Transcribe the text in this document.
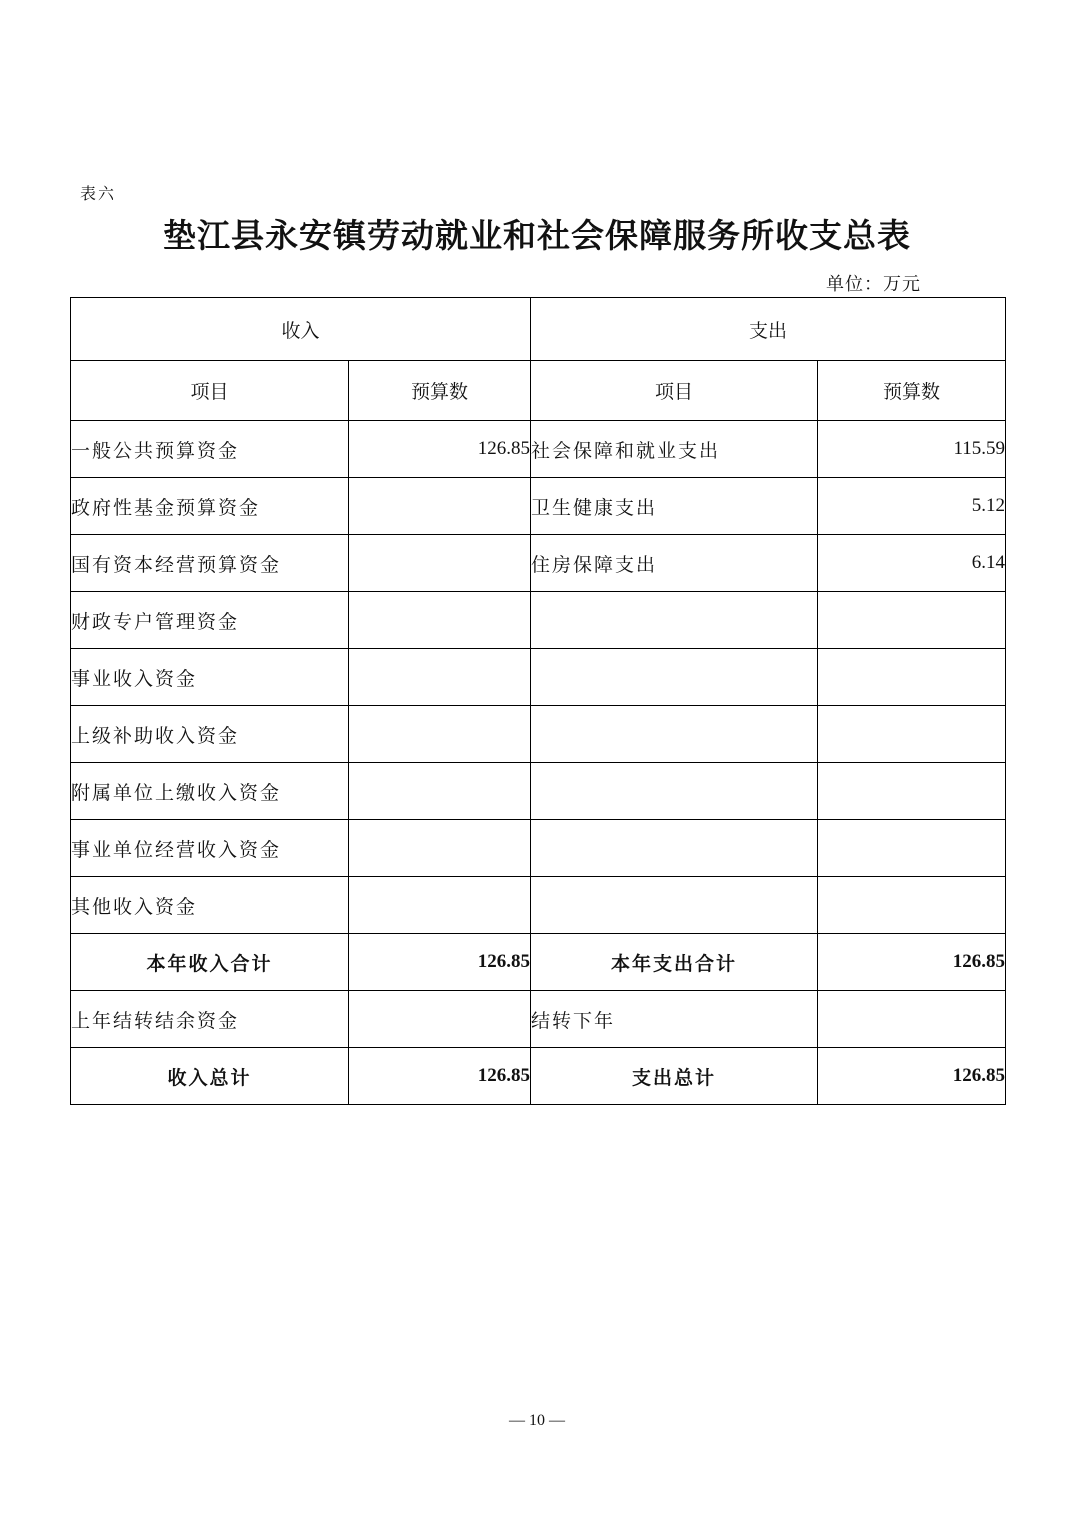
表六
垫江县永安镇劳动就业和社会保障服务所收支总表
单位：万元
收入		支出	
项目	预算数	项目	预算数
一般公共预算资金	126.85	社会保障和就业支出	115.59
政府性基金预算资金		卫生健康支出	5.12
国有资本经营预算资金		住房保障支出	6.14
财政专户管理资金			
事业收入资金			
上级补助收入资金			
附属单位上缴收入资金			
事业单位经营收入资金			
其他收入资金			
本年收入合计	126.85	本年支出合计	126.85
上年结转结余资金		结转下年	
收入总计	126.85	支出总计	126.85
— 10 —
